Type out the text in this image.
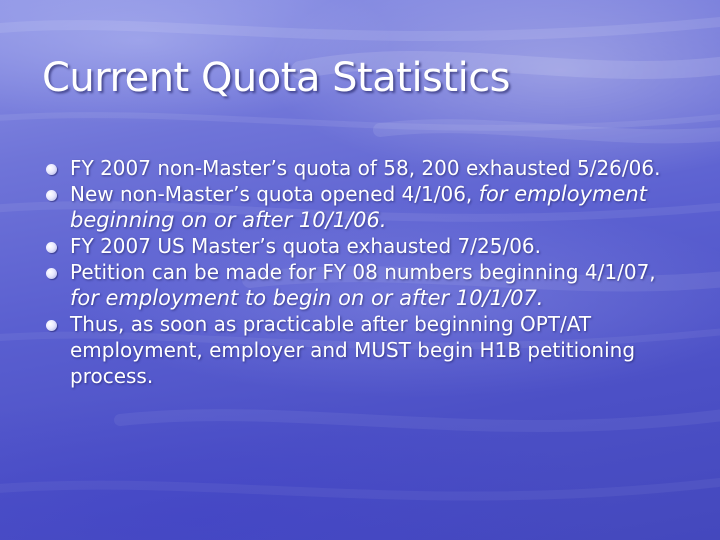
Current Quota Statistics
FY 2007 non-Master’s quota of 58, 200 exhausted 5/26/06.
New non-Master’s quota opened 4/1/06, for employment beginning on or after 10/1/06.
FY 2007 US Master’s quota exhausted 7/25/06.
Petition can be made for FY 08 numbers beginning 4/1/07, for employment to begin on or after 10/1/07.
Thus, as soon as practicable after beginning OPT/AT employment, employer and MUST begin H1B petitioning process.
